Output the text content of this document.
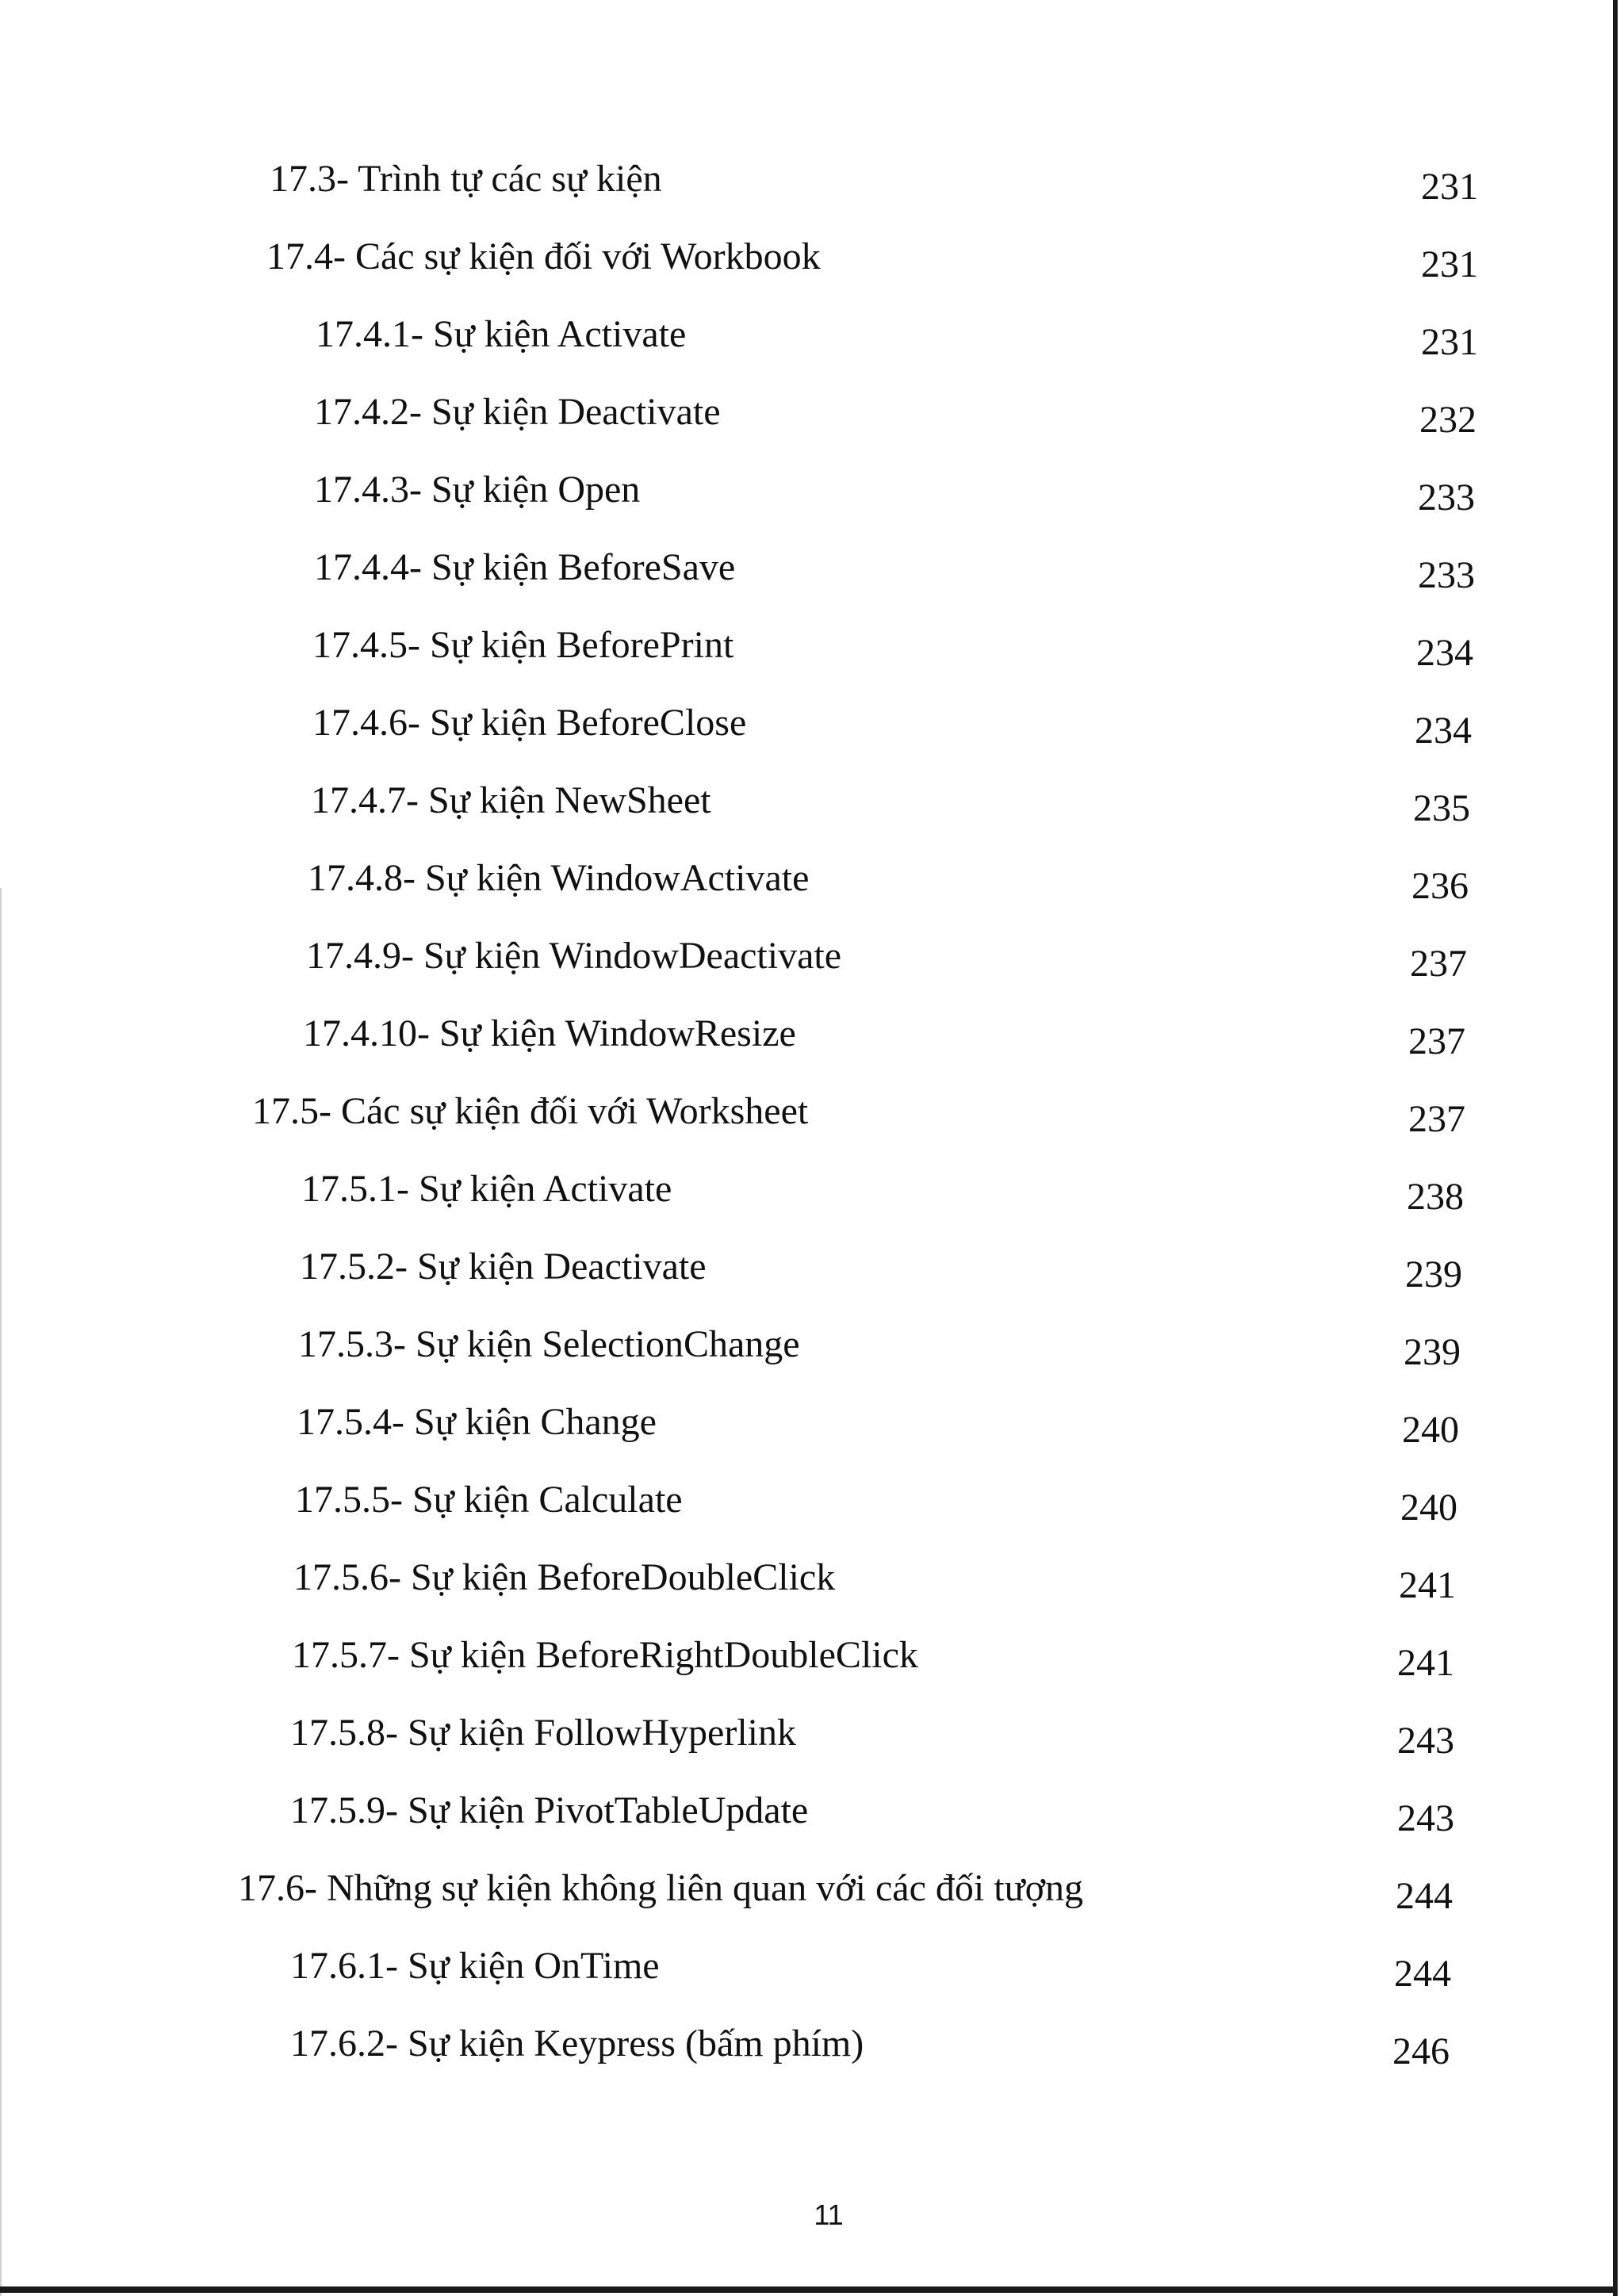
17.3- Trình tự các sự kiện	231
17.4- Các sự kiện đối với Workbook	231
17.4.1- Sự kiện Activate	231
17.4.2- Sự kiện Deactivate	232
17.4.3- Sự kiện Open	233
17.4.4- Sự kiện BeforeSave	233
17.4.5- Sự kiện BeforePrint	234
17.4.6- Sự kiện BeforeClose	234
17.4.7- Sự kiện NewSheet	235
17.4.8- Sự kiện WindowActivate	236
17.4.9- Sự kiện WindowDeactivate	237
17.4.10- Sự kiện WindowResize	237
17.5- Các sự kiện đối với Worksheet	237
17.5.1- Sự kiện Activate	238
17.5.2- Sự kiện Deactivate	239
17.5.3- Sự kiện SelectionChange	239
17.5.4- Sự kiện Change	240
17.5.5- Sự kiện Calculate	240
17.5.6- Sự kiện BeforeDoubleClick	241
17.5.7- Sự kiện BeforeRightDoubleClick	241
17.5.8- Sự kiện FollowHyperlink	243
17.5.9- Sự kiện PivotTableUpdate	243
17.6- Những sự kiện không liên quan với các đối tượng	244
17.6.1- Sự kiện OnTime	244
17.6.2- Sự kiện Keypress (bấm phím)	246
11
